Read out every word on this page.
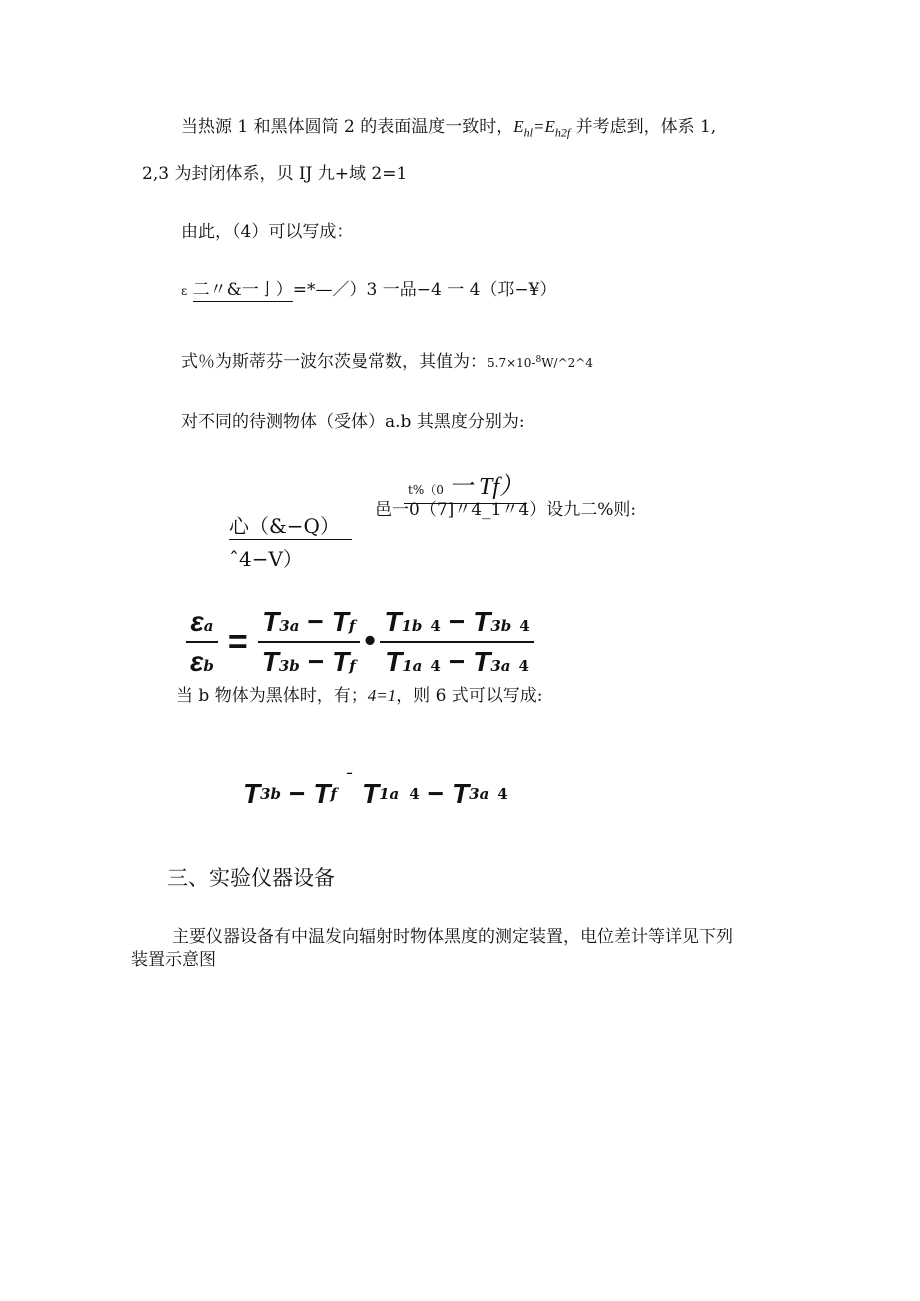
当热源 1 和黑体圆筒 2 的表面温度一致时，$E_{hl}=E_{h2f}$ 并考虑到，体系 1,
2,3 为封闭体系，贝 IJ 九+域 2=1
由此，（4）可以写成：
ε 二〃&一亅）=*—／）3 一品−4 一 4（邛−¥）
式％为斯蒂芬一波尔茨曼常数，其值为：5.7×10-$^8$W/^2^4
对不同的待测物体（受体）a.b 其黑度分别为:
t%（0 一 Tf）
邑一0（7]〃4_1〃4）设九二%则:
心（&−Q）
ˆ4−V）
$\frac{\text{ε a}}{\text{ε b}} = \frac{\text{T 3a − T f}}{\text{T 3b − T f}}$ • $\frac{T 1b 4 - T 3b 4}{T 1a 4 - T 3a 4}$
当 b 物体为黑体时，有；4=1，则 6 式可以写成:
T 3b − T f
ˉ T 1a 4 − T 3a 4
三、实验仪器设备
主要仪器设备有中温发向辐射时物体黑度的测定装置，电位差计等详见下列
装置示意图
